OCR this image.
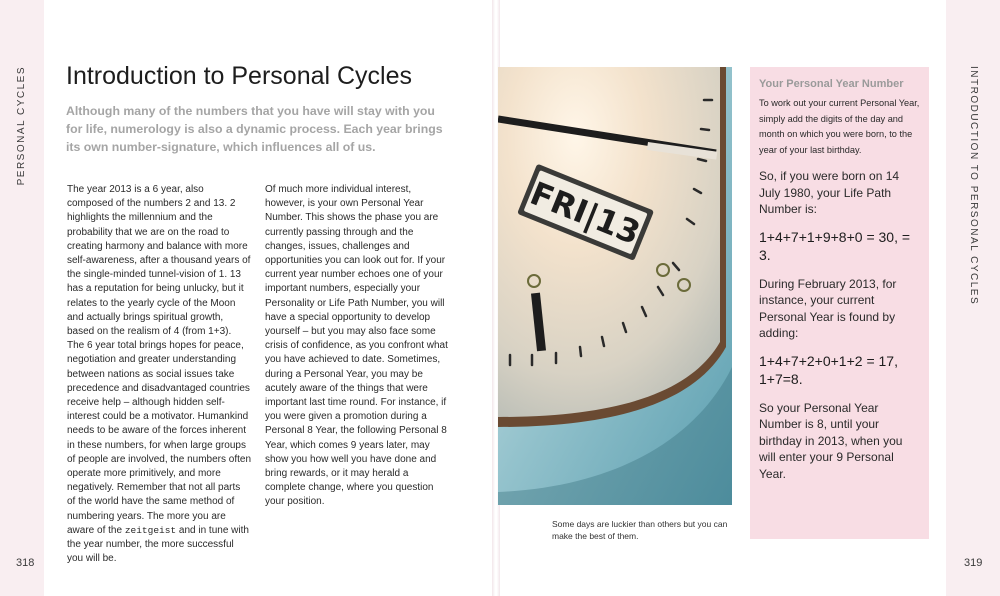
PERSONAL CYCLES	INTRODUCTION TO PERSONAL CYCLES
318	319
Introduction to Personal Cycles

Although many of the numbers that you have will stay with you for life, numerology is also a dynamic process. Each year brings its own number-signature, which influences all of us.

The year 2013 is a 6 year, also composed of the numbers 2 and 13. 2 highlights the millennium and the probability that we are on the road to creating harmony and balance with more self-awareness, after a thousand years of the single-minded tunnel-vision of 1. 13 has a reputation for being unlucky, but it relates to the yearly cycle of the Moon and actually brings spiritual growth, based on the realism of 4 (from 1+3). The 6 year total brings hopes for peace, negotiation and greater understanding between nations as social issues take precedence and disadvantaged countries receive help – although hidden self-interest could be a motivator. Humankind needs to be aware of the forces inherent in these numbers, for when large groups of people are involved, the numbers often operate more primitively, and more negatively. Remember that not all parts of the world have the same method of numbering years. The more you are aware of the zeitgeist and in tune with the year number, the more successful you will be.
Of much more individual interest, however, is your own Personal Year Number. This shows the phase you are currently passing through and the changes, issues, challenges and opportunities you can look out for. If your current year number echoes one of your important numbers, especially your Personality or Life Path Number, you will have a special opportunity to develop yourself – but you may also face some crisis of confidence, as you confront what you have achieved to date. Sometimes, during a Personal Year, you may be acutely aware of the things that were important last time round. For instance, if you were given a promotion during a Personal 8 Year, the following Personal 8 Year, which comes 9 years later, may show you how well you have done and bring rewards, or it may herald a complete change, where you question your position.
FRI|13

Some days are luckier than others but you can make the best of them.

Your Personal Year Number

To work out your current Personal Year, simply add the digits of the day and month on which you were born, to the year of your last birthday.

So, if you were born on 14 July 1980, your Life Path Number is:

1+4+7+1+9+8+0 = 30, = 3.

During February 2013, for instance, your current Personal Year is found by adding:

1+4+7+2+0+1+2 = 17, 1+7=8.

So your Personal Year Number is 8, until your birthday in 2013, when you will enter your 9 Personal Year.
